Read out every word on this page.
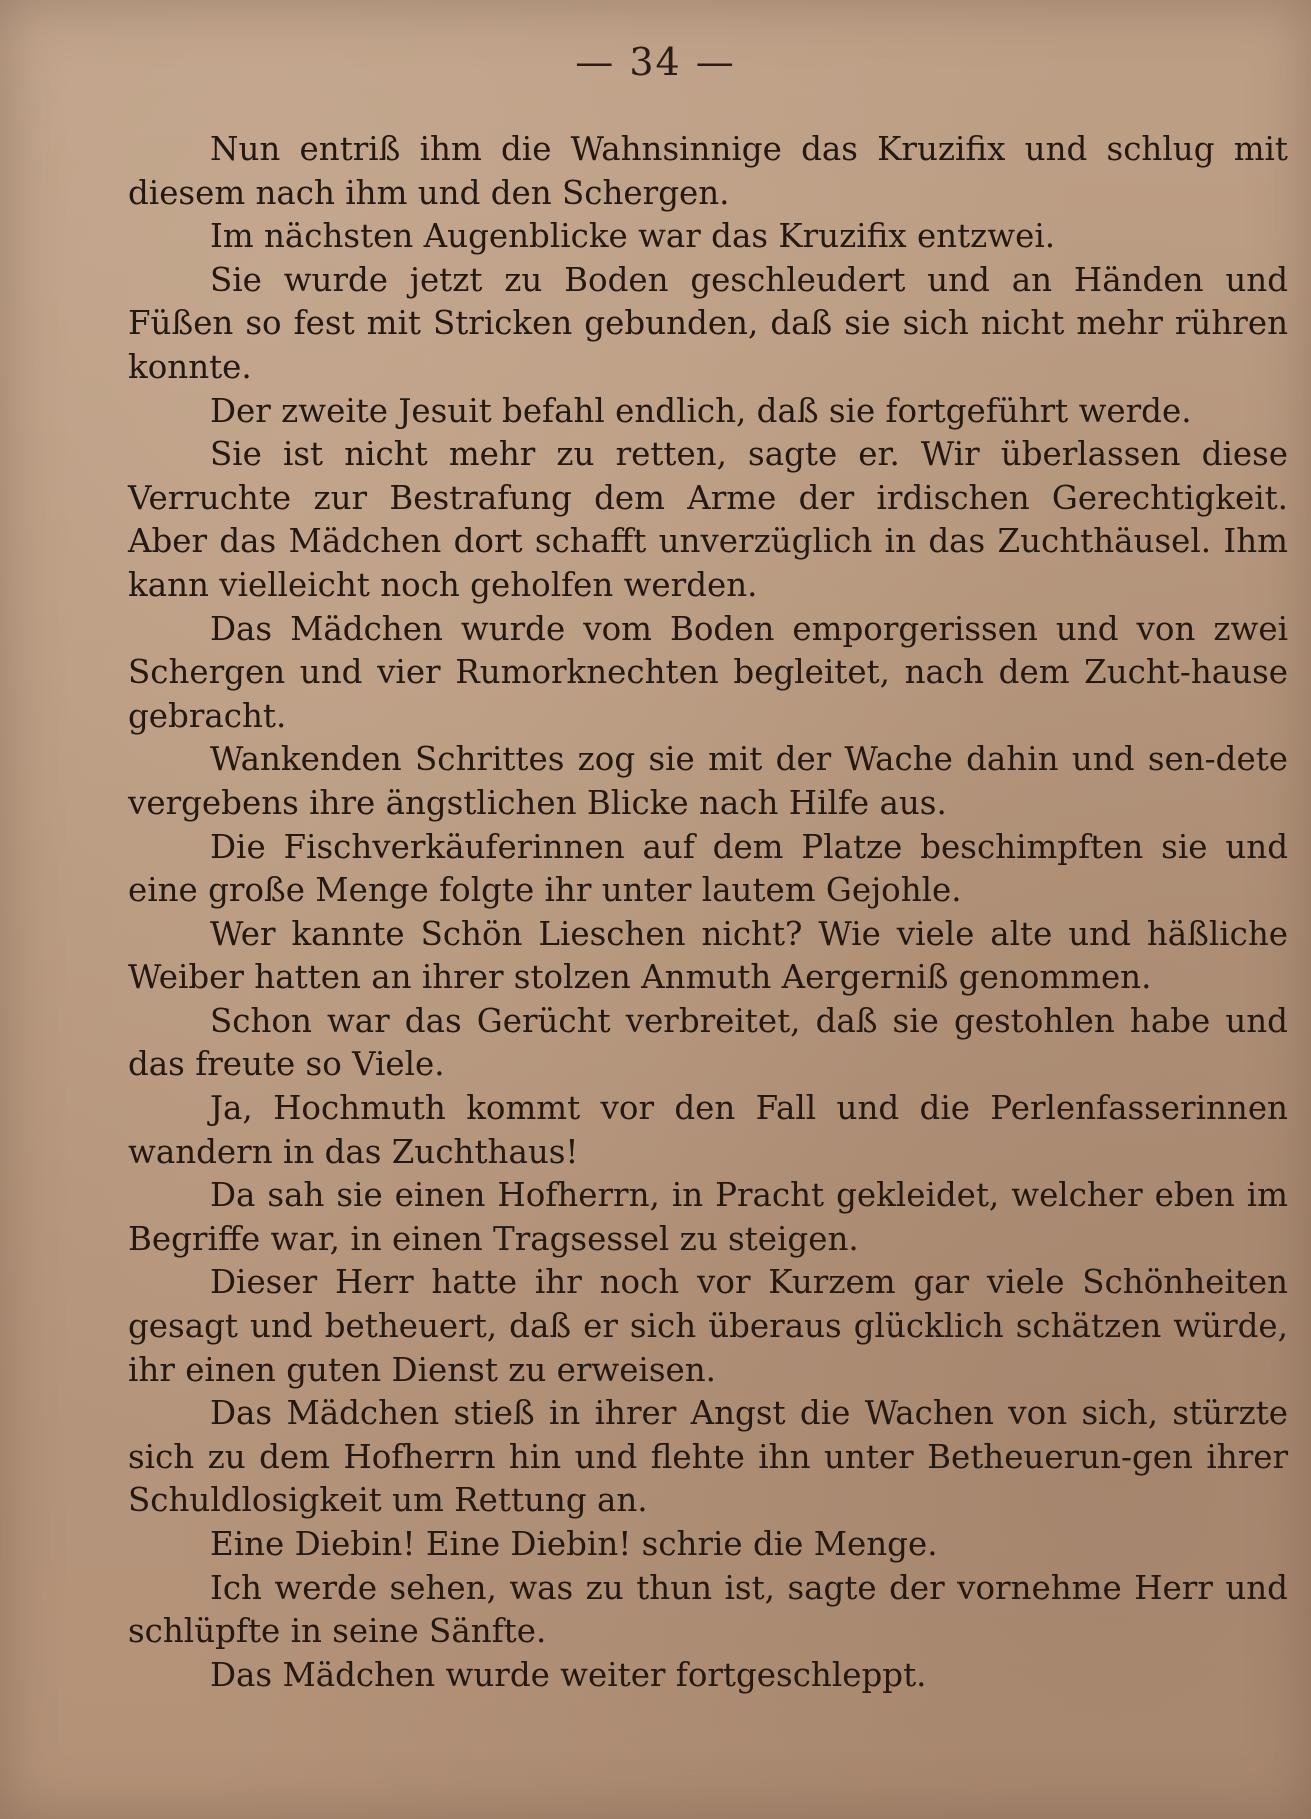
— 34 —

Nun entriß ihm die Wahnsinnige das Kruzifix und schlug mit diesem nach ihm und den Schergen.

Im nächsten Augenblicke war das Kruzifix entzwei.

Sie wurde jetzt zu Boden geschleudert und an Händen und Füßen so fest mit Stricken gebunden, daß sie sich nicht mehr rühren konnte.

Der zweite Jesuit befahl endlich, daß sie fortgeführt werde.

Sie ist nicht mehr zu retten, sagte er. Wir überlassen diese Verruchte zur Bestrafung dem Arme der irdischen Gerechtigkeit. Aber das Mädchen dort schafft unverzüglich in das Zuchthäusel. Ihm kann vielleicht noch geholfen werden.

Das Mädchen wurde vom Boden emporgerissen und von zwei Schergen und vier Rumorknechten begleitet, nach dem Zucht-hause gebracht.

Wankenden Schrittes zog sie mit der Wache dahin und sen-dete vergebens ihre ängstlichen Blicke nach Hilfe aus.

Die Fischverkäuferinnen auf dem Platze beschimpften sie und eine große Menge folgte ihr unter lautem Gejohle.

Wer kannte Schön Lieschen nicht? Wie viele alte und häßliche Weiber hatten an ihrer stolzen Anmuth Aergerniß genommen.

Schon war das Gerücht verbreitet, daß sie gestohlen habe und das freute so Viele.

Ja, Hochmuth kommt vor den Fall und die Perlenfasserinnen wandern in das Zuchthaus!

Da sah sie einen Hofherrn, in Pracht gekleidet, welcher eben im Begriffe war, in einen Tragsessel zu steigen.

Dieser Herr hatte ihr noch vor Kurzem gar viele Schönheiten gesagt und betheuert, daß er sich überaus glücklich schätzen würde, ihr einen guten Dienst zu erweisen.

Das Mädchen stieß in ihrer Angst die Wachen von sich, stürzte sich zu dem Hofherrn hin und flehte ihn unter Betheuerun-gen ihrer Schuldlosigkeit um Rettung an.

Eine Diebin! Eine Diebin! schrie die Menge.

Ich werde sehen, was zu thun ist, sagte der vornehme Herr und schlüpfte in seine Sänfte.

Das Mädchen wurde weiter fortgeschleppt.
